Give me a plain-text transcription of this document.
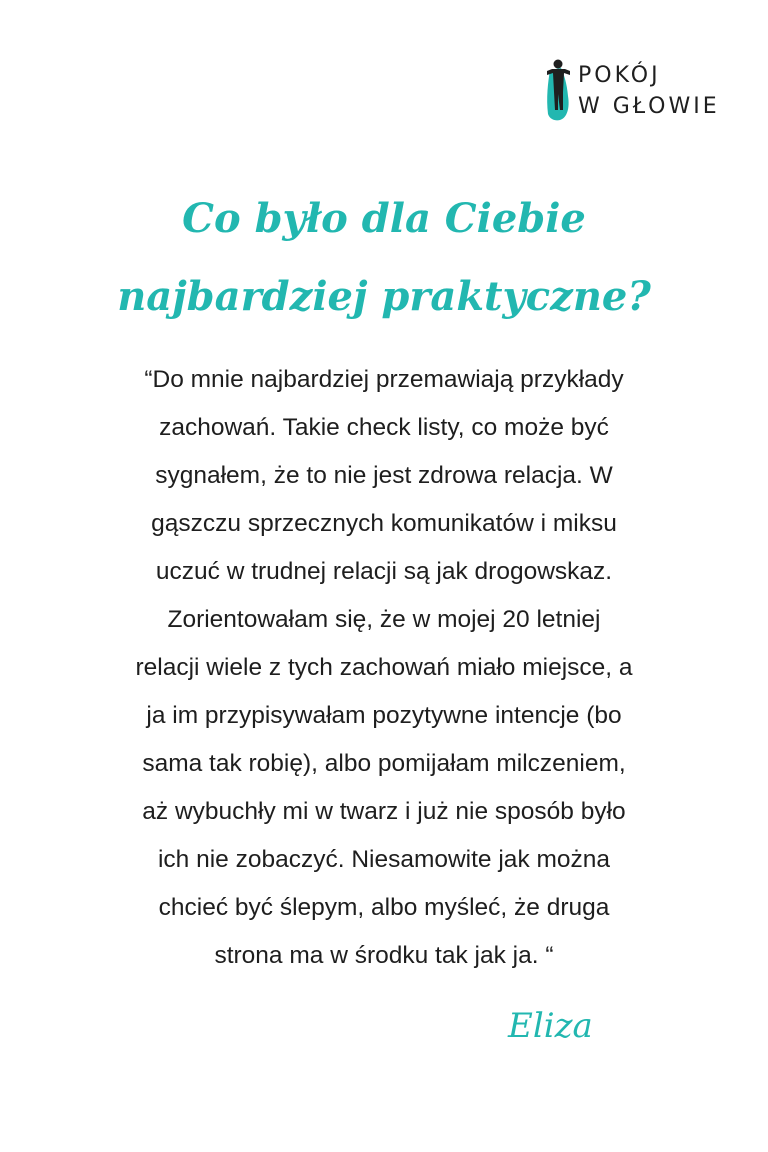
POKÓJ
W GŁOWIE
Co było dla Ciebie
najbardziej praktyczne?
“Do mnie najbardziej przemawiają przykłady
zachowań. Takie check listy, co może być
sygnałem, że to nie jest zdrowa relacja. W
gąszczu sprzecznych komunikatów i miksu
uczuć w trudnej relacji są jak drogowskaz.
Zorientowałam się, że w mojej 20 letniej
relacji wiele z tych zachowań miało miejsce, a
ja im przypisywałam pozytywne intencje (bo
sama tak robię), albo pomijałam milczeniem,
aż wybuchły mi w twarz i już nie sposób było
ich nie zobaczyć. Niesamowite jak można
chcieć być ślepym, albo myśleć, że druga
strona ma w środku tak jak ja. “
Eliza
